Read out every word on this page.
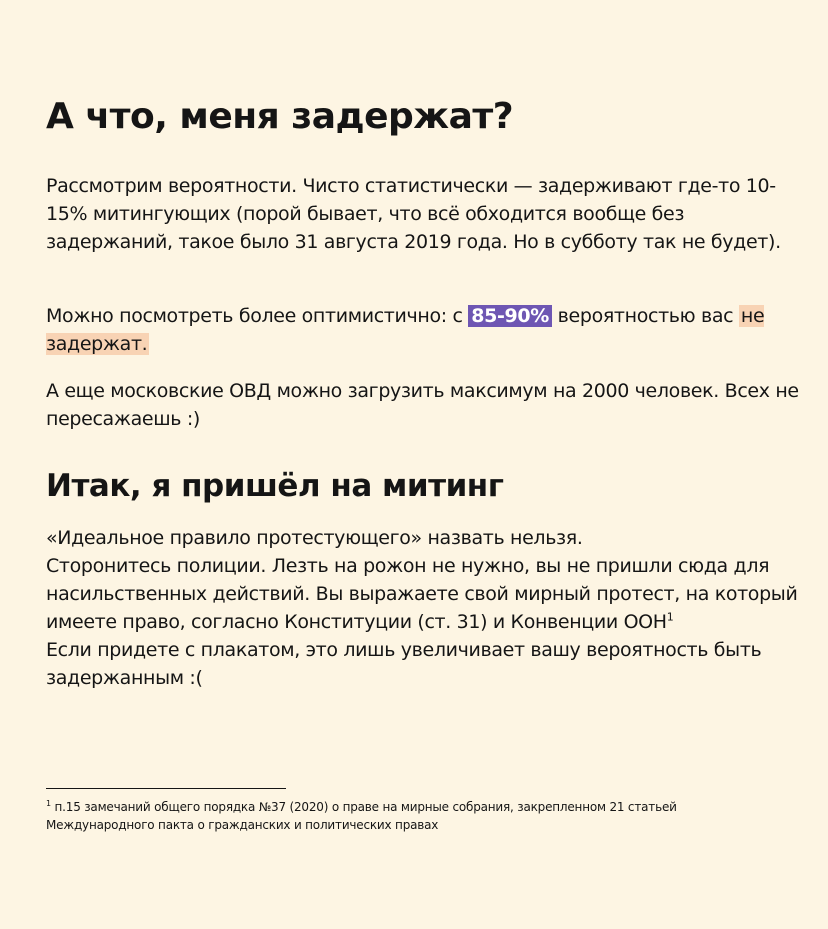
А что, меня задержат?

Рассмотрим вероятности. Чисто статистически — задерживают где-то 10-15% митингующих (порой бывает, что всё обходится вообще без задержаний, такое было 31 августа 2019 года. Но в субботу так не будет).

Можно посмотреть более оптимистично: с 85-90% вероятностью вас не задержат.

А еще московские ОВД можно загрузить максимум на 2000 человек. Всех не пересажаешь :)

Итак, я пришёл на митинг

«Идеальное правило протестующего» назвать нельзя.
Сторонитесь полиции. Лезть на рожон не нужно, вы не пришли сюда для насильственных действий. Вы выражаете свой мирный протест, на который имеете право, согласно Конституции (ст. 31) и Конвенции ООН$^1$
Если придете с плакатом, это лишь увеличивает вашу вероятность быть задержанным :(

$^1$ п.15 замечаний общего порядка №37 (2020) о праве на мирные собрания, закрепленном 21 статьей Международного пакта о гражданских и политических правах
